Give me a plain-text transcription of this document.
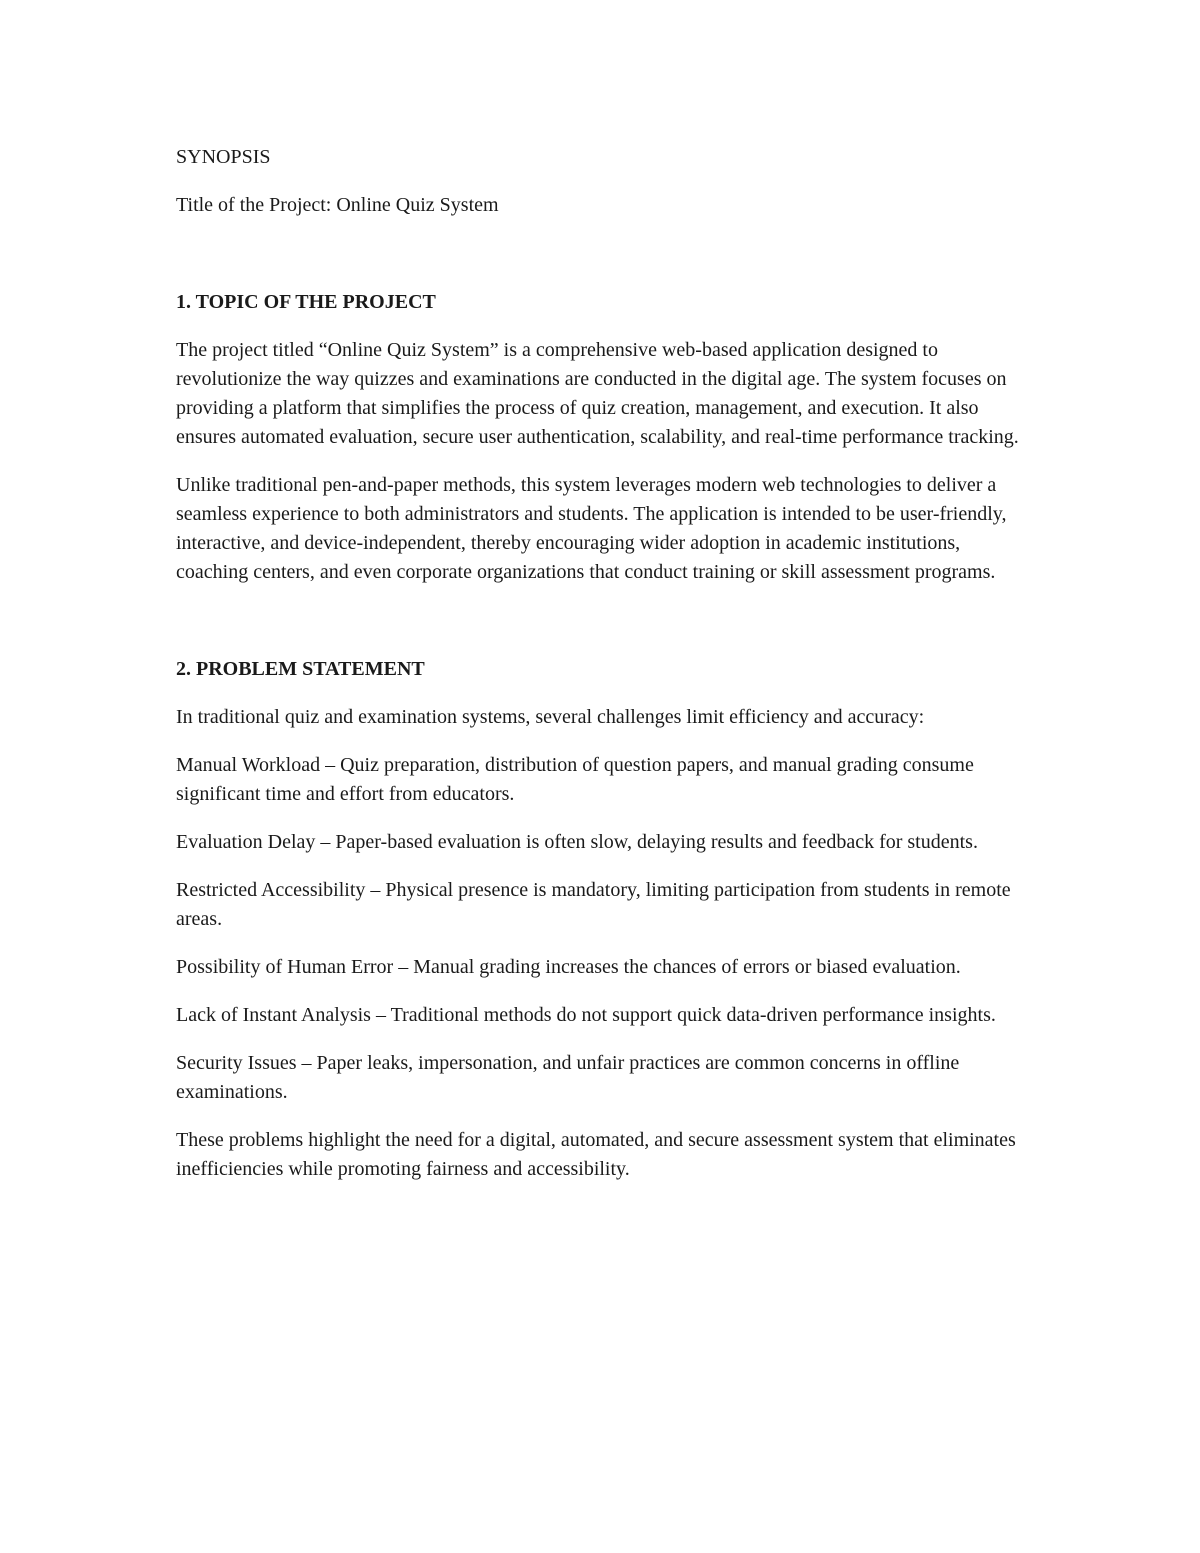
SYNOPSIS

Title of the Project: Online Quiz System

1. TOPIC OF THE PROJECT

The project titled “Online Quiz System” is a comprehensive web-based application designed to revolutionize the way quizzes and examinations are conducted in the digital age. The system focuses on providing a platform that simplifies the process of quiz creation, management, and execution. It also ensures automated evaluation, secure user authentication, scalability, and real-time performance tracking.

Unlike traditional pen-and-paper methods, this system leverages modern web technologies to deliver a seamless experience to both administrators and students. The application is intended to be user-friendly, interactive, and device-independent, thereby encouraging wider adoption in academic institutions, coaching centers, and even corporate organizations that conduct training or skill assessment programs.

2. PROBLEM STATEMENT

In traditional quiz and examination systems, several challenges limit efficiency and accuracy:

Manual Workload – Quiz preparation, distribution of question papers, and manual grading consume significant time and effort from educators.

Evaluation Delay – Paper-based evaluation is often slow, delaying results and feedback for students.

Restricted Accessibility – Physical presence is mandatory, limiting participation from students in remote areas.

Possibility of Human Error – Manual grading increases the chances of errors or biased evaluation.

Lack of Instant Analysis – Traditional methods do not support quick data-driven performance insights.

Security Issues – Paper leaks, impersonation, and unfair practices are common concerns in offline examinations.

These problems highlight the need for a digital, automated, and secure assessment system that eliminates inefficiencies while promoting fairness and accessibility.
